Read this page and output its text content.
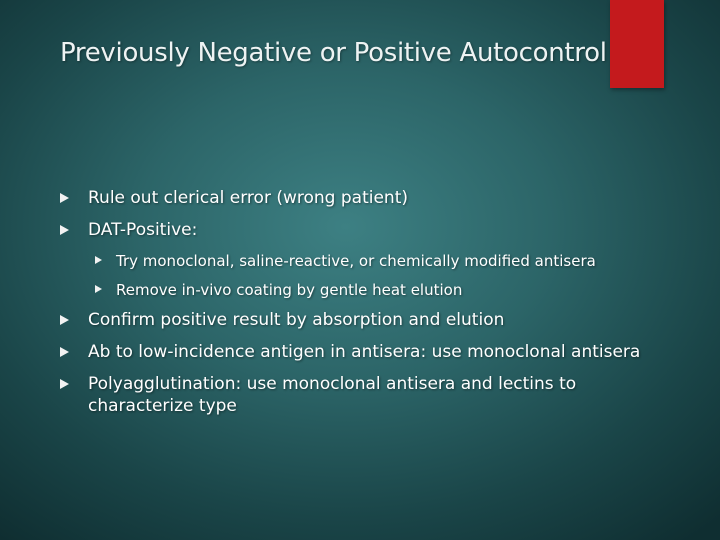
Previously Negative or Positive Autocontrol
Rule out clerical error (wrong patient)
DAT-Positive:
Try monoclonal, saline-reactive, or chemically modified antisera
Remove in-vivo coating by gentle heat elution
Confirm positive result by absorption and elution
Ab to low-incidence antigen in antisera: use monoclonal antisera
Polyagglutination: use monoclonal antisera and lectins to characterize type
